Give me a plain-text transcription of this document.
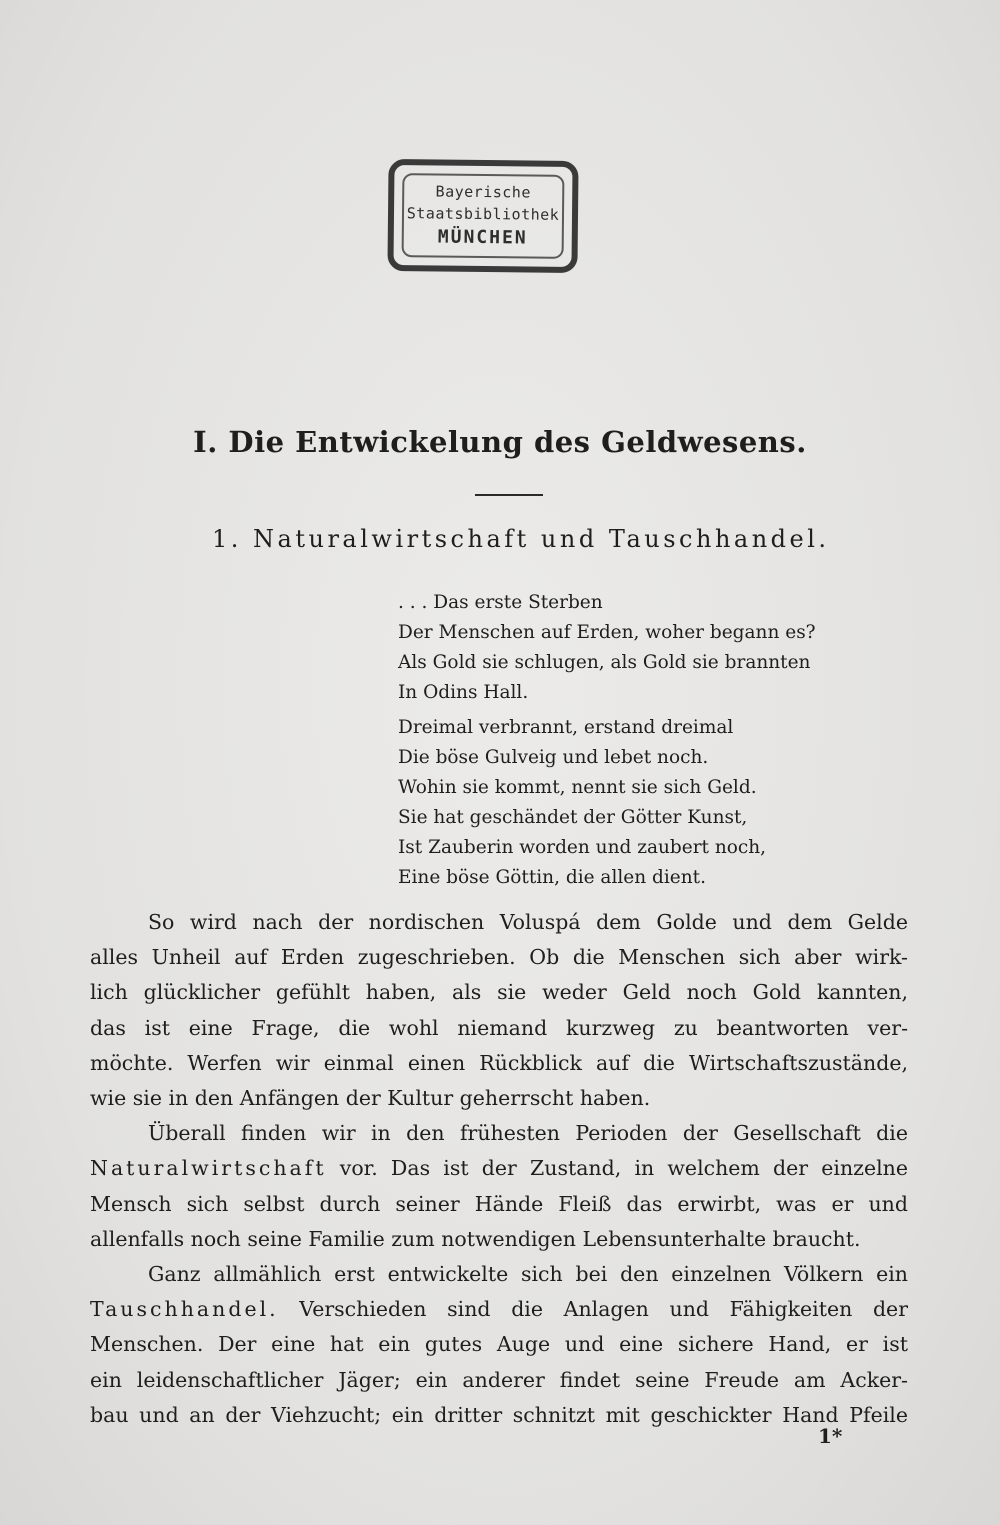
Bayerische
Staatsbibliothek
MÜNCHEN
I. Die Entwickelung des Geldwesens.
1. Naturalwirtschaft und Tauschhandel.
. . . Das erste Sterben
Der Menschen auf Erden, woher begann es?
Als Gold sie schlugen, als Gold sie brannten
In Odins Hall.
Dreimal verbrannt, erstand dreimal
Die böse Gulveig und lebet noch.
Wohin sie kommt, nennt sie sich Geld.
Sie hat geschändet der Götter Kunst,
Ist Zauberin worden und zaubert noch,
Eine böse Göttin, die allen dient.
So wird nach der nordischen Voluspá dem Golde und dem Gelde
alles Unheil auf Erden zugeschrieben. Ob die Menschen sich aber wirk-
lich glücklicher gefühlt haben, als sie weder Geld noch Gold kannten,
das ist eine Frage, die wohl niemand kurzweg zu beantworten ver-
möchte. Werfen wir einmal einen Rückblick auf die Wirtschaftszustände,
wie sie in den Anfängen der Kultur geherrscht haben.
Überall finden wir in den frühesten Perioden der Gesellschaft die
Naturalwirtschaft vor. Das ist der Zustand, in welchem der einzelne
Mensch sich selbst durch seiner Hände Fleiß das erwirbt, was er und
allenfalls noch seine Familie zum notwendigen Lebensunterhalte braucht.
Ganz allmählich erst entwickelte sich bei den einzelnen Völkern ein
Tauschhandel. Verschieden sind die Anlagen und Fähigkeiten der
Menschen. Der eine hat ein gutes Auge und eine sichere Hand, er ist
ein leidenschaftlicher Jäger; ein anderer findet seine Freude am Acker-
bau und an der Viehzucht; ein dritter schnitzt mit geschickter Hand Pfeile
1*
